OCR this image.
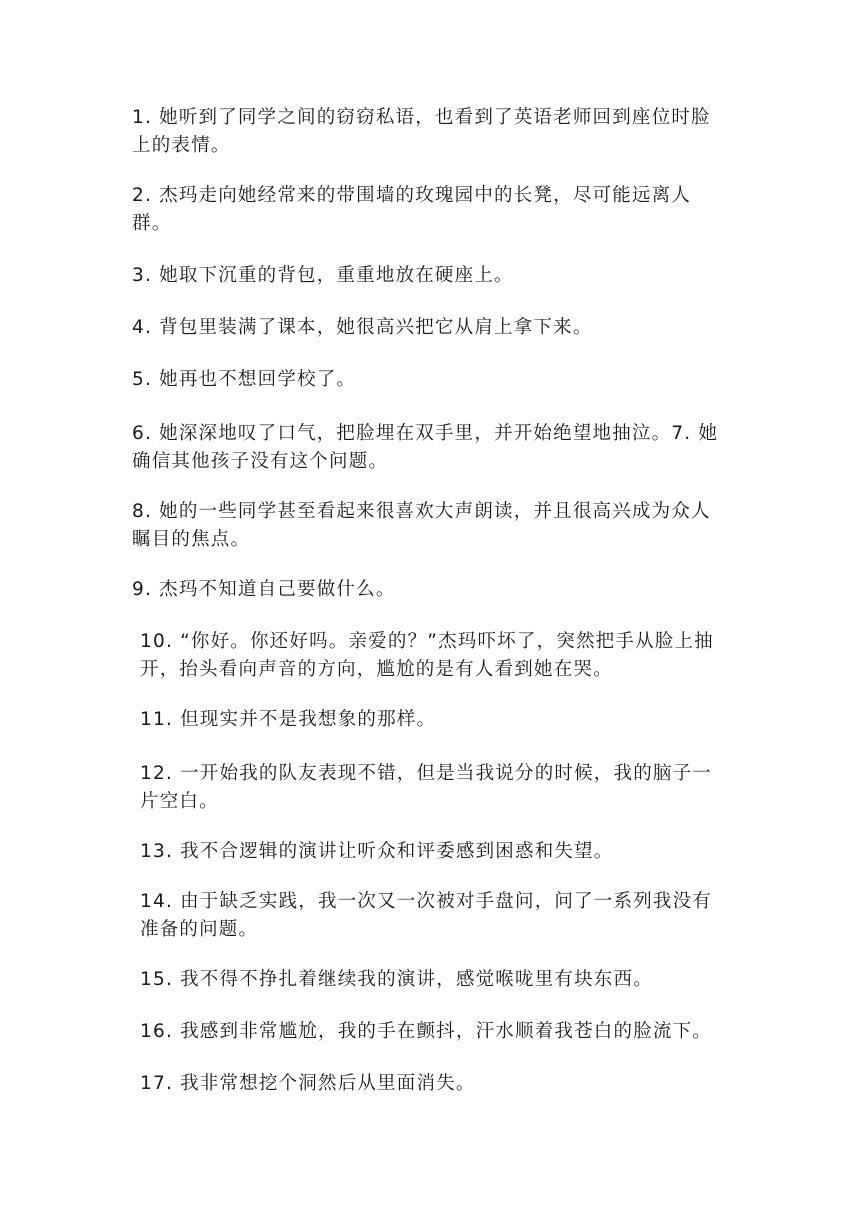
1. 她听到了同学之间的窃窃私语，也看到了英语老师回到座位时脸上的表情。

2. 杰玛走向她经常来的带围墙的玫瑰园中的长凳，尽可能远离人群。

3. 她取下沉重的背包，重重地放在硬座上。

4. 背包里装满了课本，她很高兴把它从肩上拿下来。

5. 她再也不想回学校了。

6. 她深深地叹了口气，把脸埋在双手里，并开始绝望地抽泣。7. 她确信其他孩子没有这个问题。

8. 她的一些同学甚至看起来很喜欢大声朗读，并且很高兴成为众人瞩目的焦点。

9. 杰玛不知道自己要做什么。

10. “你好。你还好吗。亲爱的？”杰玛吓坏了，突然把手从脸上抽开，抬头看向声音的方向，尴尬的是有人看到她在哭。

11. 但现实并不是我想象的那样。

12. 一开始我的队友表现不错，但是当我说分的时候，我的脑子一片空白。

13. 我不合逻辑的演讲让听众和评委感到困惑和失望。

14. 由于缺乏实践，我一次又一次被对手盘问，问了一系列我没有准备的问题。

15. 我不得不挣扎着继续我的演讲，感觉喉咙里有块东西。

16. 我感到非常尴尬，我的手在颤抖，汗水顺着我苍白的脸流下。

17. 我非常想挖个洞然后从里面消失。
